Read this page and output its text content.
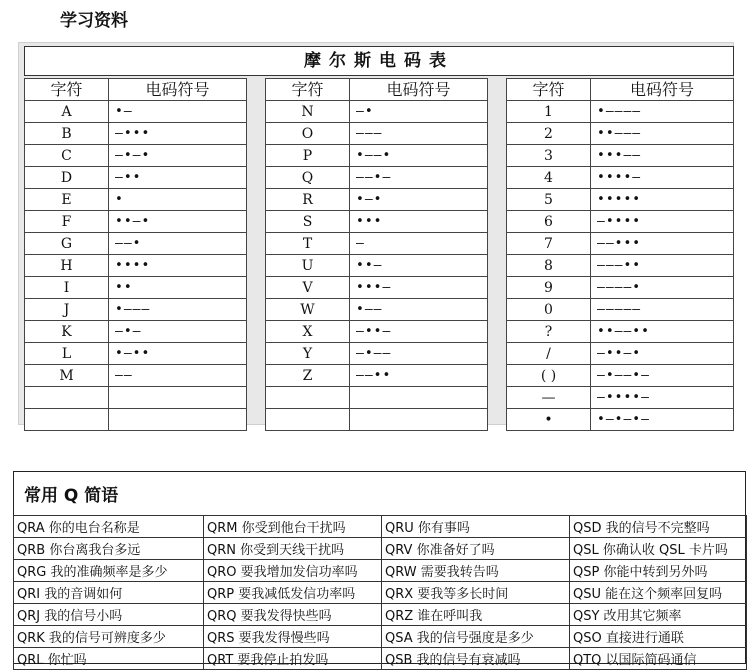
学习资料
摩尔斯电码表
字符	电码符号
A	•—
B	—•••
C	—•—•
D	—••
E	•
F	••—•
G	——•
H	••••
I	••
J	•———
K	—•—
L	•—••
M	——

字符	电码符号
N	—•
O	———
P	•——•
Q	——•—
R	•—•
S	•••
T	—
U	••—
V	•••—
W	•——
X	—••—
Y	—•——
Z	——••

字符	电码符号
1	•————
2	••———
3	•••——
4	••••—
5	•••••
6	—••••
7	——•••
8	———••
9	————•
0	—————
?	••——••
/	—••—•
( )	—•——•—
—	—••••—
•	•—•—•—
常用 Q 简语
QRA 你的电台名称是	QRM 你受到他台干扰吗	QRU 你有事吗	QSD 我的信号不完整吗
QRB 你台离我台多远	QRN 你受到天线干扰吗	QRV 你准备好了吗	QSL 你确认收 QSL 卡片吗
QRG 我的准确频率是多少	QRO 要我增加发信功率吗	QRW 需要我转告吗	QSP 你能中转到另外吗
QRI 我的音调如何	QRP 要我减低发信功率吗	QRX 要我等多长时间	QSU 能在这个频率回复吗
QRJ 我的信号小吗	QRQ 要我发得快些吗	QRZ 谁在呼叫我	QSY 改用其它频率
QRK 我的信号可辨度多少	QRS 要我发得慢些吗	QSA 我的信号强度是多少	QSO 直接进行通联
QRL 你忙吗	QRT 要我停止拍发吗	QSB 我的信号有衰减吗	QTQ 以国际简码通信
